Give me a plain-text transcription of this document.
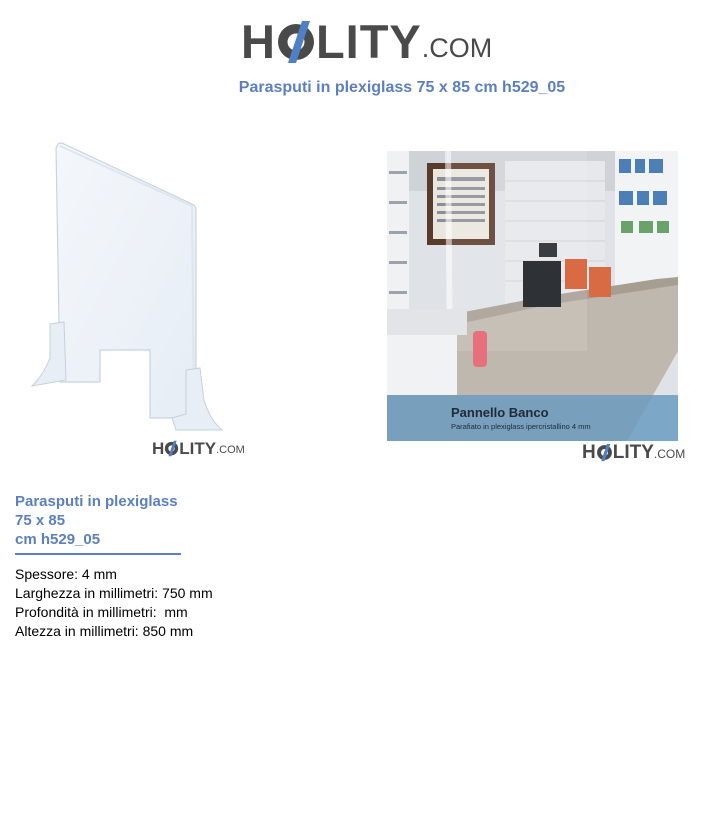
H LITY .COM
Parasputi in plexiglass 75 x 85 cm h529_05
H LITY .COM
Pannello Banco
Parafiato in plexiglass ipercristallino 4 mm
H LITY .COM
Parasputi in plexiglass
75 x 85
cm h529_05
Spessore: 4 mm
Larghezza in millimetri: 750 mm
Profondità in millimetri:  mm
Altezza in millimetri: 850 mm
